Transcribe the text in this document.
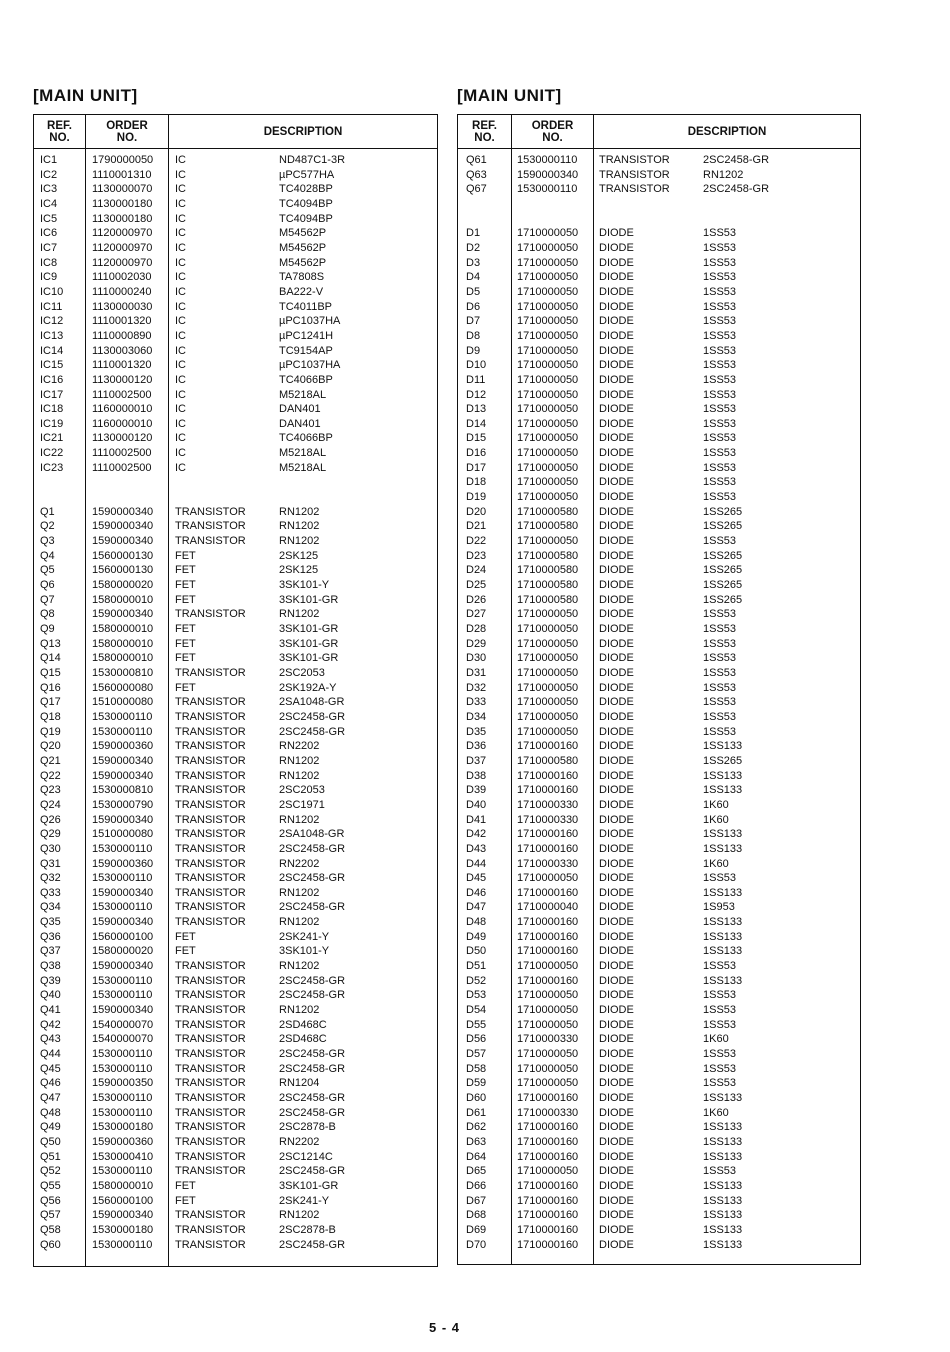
[MAIN UNIT]
REF.
NO.
ORDER
NO.	DESCRIPTION
IC1	1790000050 IC	ND487C1-3R
IC2	1110001310 IC	µPC577HA
IC3	1130000070 IC	TC4028BP
IC4	1130000180 IC	TC4094BP
IC5	1130000180 IC	TC4094BP
IC6	1120000970 IC	M54562P
IC7	1120000970 IC	M54562P
IC8	1120000970 IC	M54562P
IC9	1110002030 IC	TA7808S
IC10	1110000240 IC	BA222-V
IC11	1130000030 IC	TC4011BP
IC12	1110001320 IC	µPC1037HA
IC13	1110000890 IC	µPC1241H
IC14	1130003060 IC	TC9154AP
IC15	1110001320 IC	µPC1037HA
IC16	1130000120 IC	TC4066BP
IC17	1110002500 IC	M5218AL
IC18	1160000010 IC	DAN401
IC19	1160000010 IC	DAN401
IC21	1130000120 IC	TC4066BP
IC22	1110002500 IC	M5218AL
IC23	1110002500 IC	M5218AL
Q1	1590000340 TRANSISTOR	RN1202
Q2	1590000340 TRANSISTOR	RN1202
Q3	1590000340 TRANSISTOR	RN1202
Q4	1560000130 FET	2SK125
Q5	1560000130 FET	2SK125
Q6	1580000020 FET	3SK101-Y
Q7	1580000010 FET	3SK101-GR
Q8	1590000340 TRANSISTOR	RN1202
Q9	1580000010 FET	3SK101-GR
Q13	1580000010 FET	3SK101-GR
Q14	1580000010 FET	3SK101-GR
Q15	1530000810 TRANSISTOR	2SC2053
Q16	1560000080 FET	2SK192A-Y
Q17	1510000080 TRANSISTOR	2SA1048-GR
Q18	1530000110 TRANSISTOR	2SC2458-GR
Q19	1530000110 TRANSISTOR	2SC2458-GR
Q20	1590000360 TRANSISTOR	RN2202
Q21	1590000340 TRANSISTOR	RN1202
Q22	1590000340 TRANSISTOR	RN1202
Q23	1530000810 TRANSISTOR	2SC2053
Q24	1530000790 TRANSISTOR	2SC1971
Q26	1590000340 TRANSISTOR	RN1202
Q29	1510000080 TRANSISTOR	2SA1048-GR
Q30	1530000110 TRANSISTOR	2SC2458-GR
Q31	1590000360 TRANSISTOR	RN2202
Q32	1530000110 TRANSISTOR	2SC2458-GR
Q33	1590000340 TRANSISTOR	RN1202
Q34	1530000110 TRANSISTOR	2SC2458-GR
Q35	1590000340 TRANSISTOR	RN1202
Q36	1560000100 FET	2SK241-Y
Q37	1580000020 FET	3SK101-Y
Q38	1590000340 TRANSISTOR	RN1202
Q39	1530000110 TRANSISTOR	2SC2458-GR
Q40	1530000110 TRANSISTOR	2SC2458-GR
Q41	1590000340 TRANSISTOR	RN1202
Q42	1540000070 TRANSISTOR	2SD468C
Q43	1540000070 TRANSISTOR	2SD468C
Q44	1530000110 TRANSISTOR	2SC2458-GR
Q45	1530000110 TRANSISTOR	2SC2458-GR
Q46	1590000350 TRANSISTOR	RN1204
Q47	1530000110 TRANSISTOR	2SC2458-GR
Q48	1530000110 TRANSISTOR	2SC2458-GR
Q49	1530000180 TRANSISTOR	2SC2878-B
Q50	1590000360 TRANSISTOR	RN2202
Q51	1530000410 TRANSISTOR	2SC1214C
Q52	1530000110 TRANSISTOR	2SC2458-GR
Q55	1580000010 FET	3SK101-GR
Q56	1560000100 FET	2SK241-Y
Q57	1590000340 TRANSISTOR	RN1202
Q58	1530000180 TRANSISTOR	2SC2878-B
Q60	1530000110 TRANSISTOR	2SC2458-GR
[MAIN UNIT]
REF.
NO.
ORDER
NO.	DESCRIPTION
Q61	1530000110 TRANSISTOR	2SC2458-GR
Q63	1590000340 TRANSISTOR	RN1202
Q67	1530000110 TRANSISTOR	2SC2458-GR
D1	1710000050 DIODE	1SS53
D2	1710000050 DIODE	1SS53
D3	1710000050 DIODE	1SS53
D4	1710000050 DIODE	1SS53
D5	1710000050 DIODE	1SS53
D6	1710000050 DIODE	1SS53
D7	1710000050 DIODE	1SS53
D8	1710000050 DIODE	1SS53
D9	1710000050 DIODE	1SS53
D10	1710000050 DIODE	1SS53
D11	1710000050 DIODE	1SS53
D12	1710000050 DIODE	1SS53
D13	1710000050 DIODE	1SS53
D14	1710000050 DIODE	1SS53
D15	1710000050 DIODE	1SS53
D16	1710000050 DIODE	1SS53
D17	1710000050 DIODE	1SS53
D18	1710000050 DIODE	1SS53
D19	1710000050 DIODE	1SS53
D20	1710000580 DIODE	1SS265
D21	1710000580 DIODE	1SS265
D22	1710000050 DIODE	1SS53
D23	1710000580 DIODE	1SS265
D24	1710000580 DIODE	1SS265
D25	1710000580 DIODE	1SS265
D26	1710000580 DIODE	1SS265
D27	1710000050 DIODE	1SS53
D28	1710000050 DIODE	1SS53
D29	1710000050 DIODE	1SS53
D30	1710000050 DIODE	1SS53
D31	1710000050 DIODE	1SS53
D32	1710000050 DIODE	1SS53
D33	1710000050 DIODE	1SS53
D34	1710000050 DIODE	1SS53
D35	1710000050 DIODE	1SS53
D36	1710000160 DIODE	1SS133
D37	1710000580 DIODE	1SS265
D38	1710000160 DIODE	1SS133
D39	1710000160 DIODE	1SS133
D40	1710000330 DIODE	1K60
D41	1710000330 DIODE	1K60
D42	1710000160 DIODE	1SS133
D43	1710000160 DIODE	1SS133
D44	1710000330 DIODE	1K60
D45	1710000050 DIODE	1SS53
D46	1710000160 DIODE	1SS133
D47	1710000040 DIODE	1S953
D48	1710000160 DIODE	1SS133
D49	1710000160 DIODE	1SS133
D50	1710000160 DIODE	1SS133
D51	1710000050 DIODE	1SS53
D52	1710000160 DIODE	1SS133
D53	1710000050 DIODE	1SS53
D54	1710000050 DIODE	1SS53
D55	1710000050 DIODE	1SS53
D56	1710000330 DIODE	1K60
D57	1710000050 DIODE	1SS53
D58	1710000050 DIODE	1SS53
D59	1710000050 DIODE	1SS53
D60	1710000160 DIODE	1SS133
D61	1710000330 DIODE	1K60
D62	1710000160 DIODE	1SS133
D63	1710000160 DIODE	1SS133
D64	1710000160 DIODE	1SS133
D65	1710000050 DIODE	1SS53
D66	1710000160 DIODE	1SS133
D67	1710000160 DIODE	1SS133
D68	1710000160 DIODE	1SS133
D69	1710000160 DIODE	1SS133
D70	1710000160 DIODE	1SS133
5 - 4
